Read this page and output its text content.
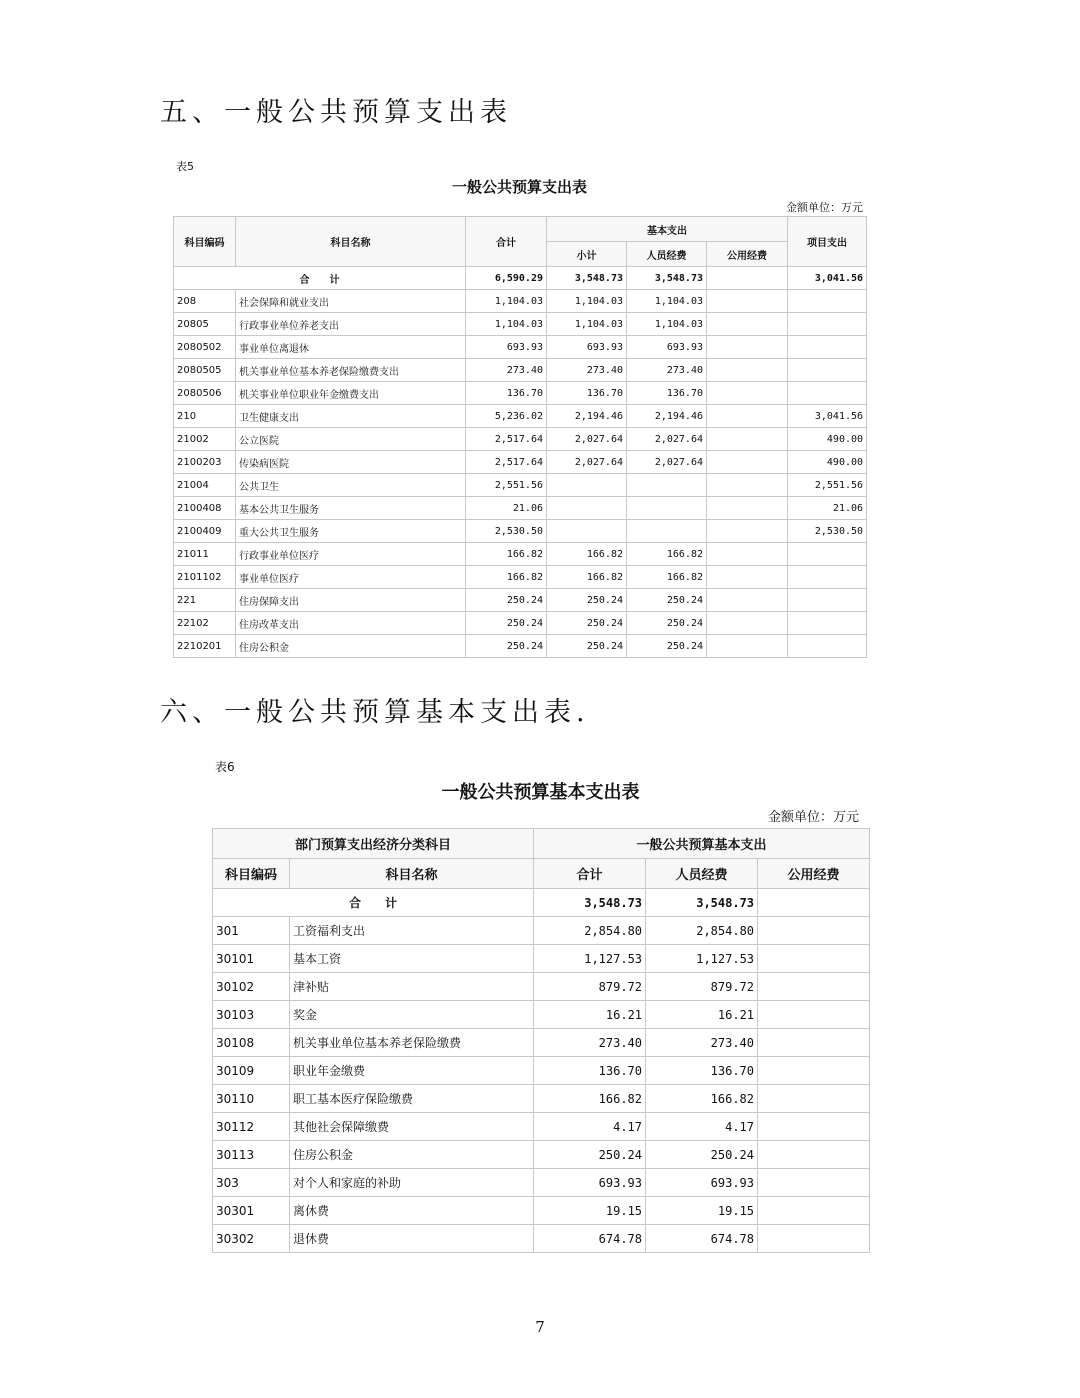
五、一般公共预算支出表
表5
一般公共预算支出表
金额单位：万元
科目编码	科目名称	合计	基本支出			项目支出
			小计	人员经费	公用经费	
合　　计		6,590.29	3,548.73	3,548.73		3,041.56
208	社会保障和就业支出	1,104.03	1,104.03	1,104.03		
20805	行政事业单位养老支出	1,104.03	1,104.03	1,104.03		
2080502	事业单位离退休	693.93	693.93	693.93		
2080505	机关事业单位基本养老保险缴费支出	273.40	273.40	273.40		
2080506	机关事业单位职业年金缴费支出	136.70	136.70	136.70		
210	卫生健康支出	5,236.02	2,194.46	2,194.46		3,041.56
21002	公立医院	2,517.64	2,027.64	2,027.64		490.00
2100203	传染病医院	2,517.64	2,027.64	2,027.64		490.00
21004	公共卫生	2,551.56				2,551.56
2100408	基本公共卫生服务	21.06				21.06
2100409	重大公共卫生服务	2,530.50				2,530.50
21011	行政事业单位医疗	166.82	166.82	166.82		
2101102	事业单位医疗	166.82	166.82	166.82		
221	住房保障支出	250.24	250.24	250.24		
22102	住房改革支出	250.24	250.24	250.24		
2210201	住房公积金	250.24	250.24	250.24		
六、一般公共预算基本支出表.
表6
一般公共预算基本支出表
金额单位：万元
部门预算支出经济分类科目		一般公共预算基本支出		
科目编码	科目名称	合计	人员经费	公用经费
合　　计		3,548.73	3,548.73	
301	工资福利支出	2,854.80	2,854.80	
30101	基本工资	1,127.53	1,127.53	
30102	津补贴	879.72	879.72	
30103	奖金	16.21	16.21	
30108	机关事业单位基本养老保险缴费	273.40	273.40	
30109	职业年金缴费	136.70	136.70	
30110	职工基本医疗保险缴费	166.82	166.82	
30112	其他社会保障缴费	4.17	4.17	
30113	住房公积金	250.24	250.24	
303	对个人和家庭的补助	693.93	693.93	
30301	离休费	19.15	19.15	
30302	退休费	674.78	674.78	
7
